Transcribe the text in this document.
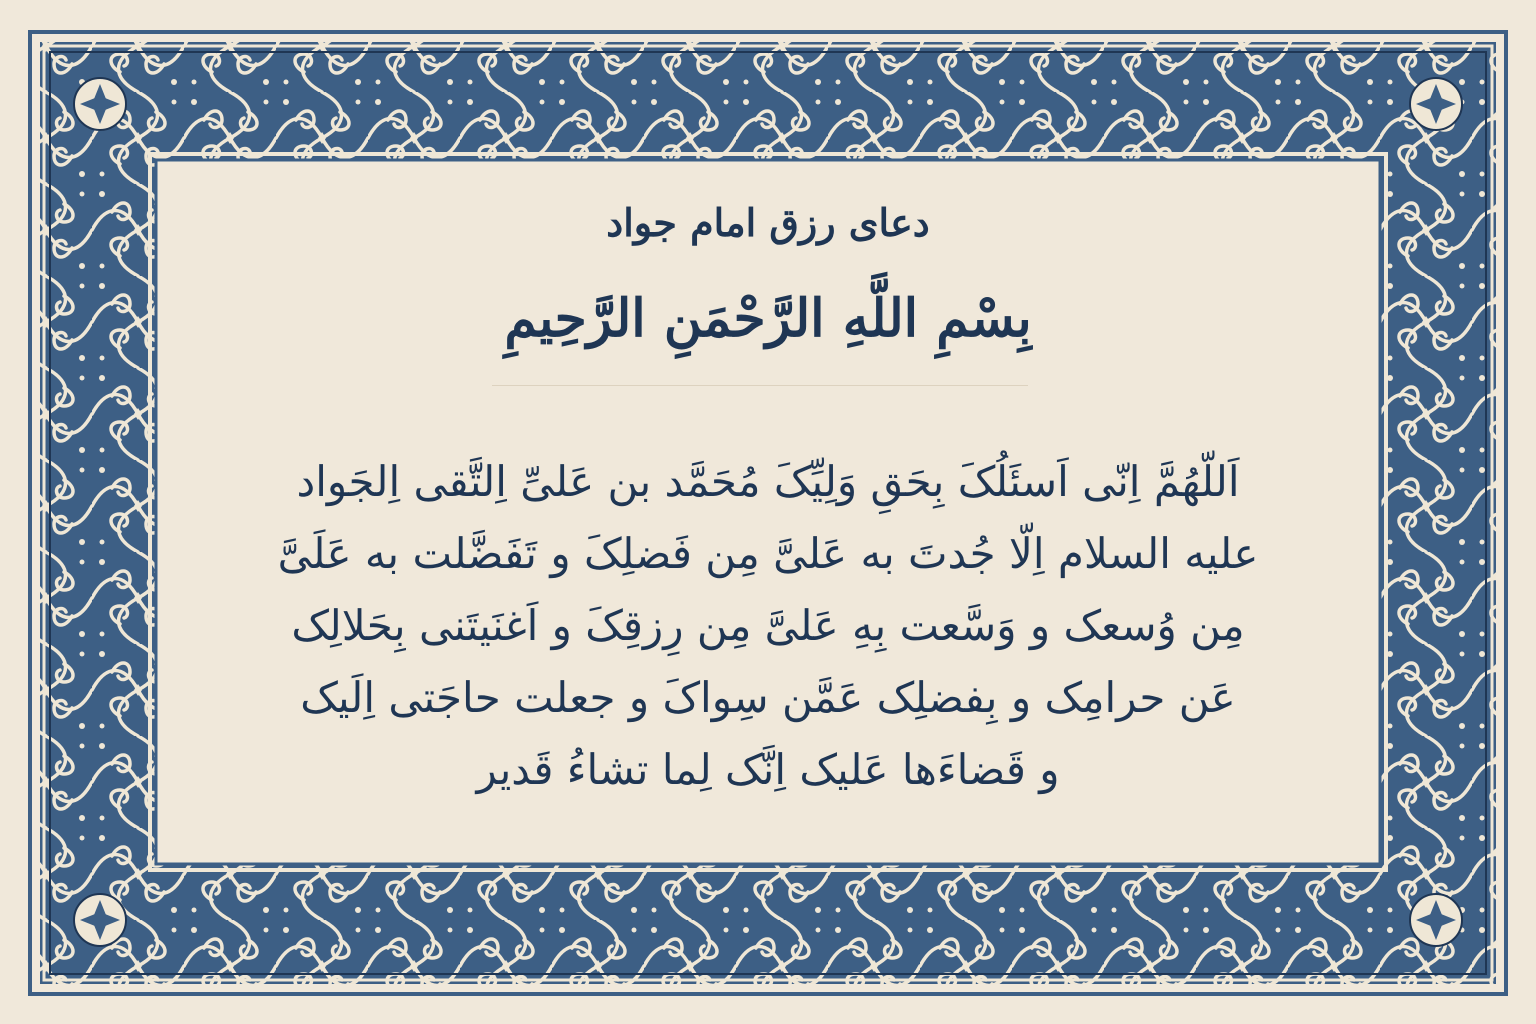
دعای رزق امام جواد
بِسْمِ اللَّهِ الرَّحْمَنِ الرَّحِيمِ
اَللّهُمَّ اِنّی اَسئَلُکَ بِحَقِ وَلِیِّکَ مُحَمَّد بن عَلیِّ اِلتَّقی اِلجَواد
علیه السلام اِلّا جُدتَ به عَلیَّ مِن فَضلِکَ و تَفَضَّلت به عَلَیَّ
مِن وُسعک و وَسَّعت بِهِ عَلیَّ مِن رِزقِکَ و اَغنَیتَنی بِحَلالِک
عَن حرامِک و بِفضلِک عَمَّن سِواکَ و جعلت حاجَتی اِلَیک
و قَضاءَها عَلیک اِنَّک لِما تشاءُ قَدیر
